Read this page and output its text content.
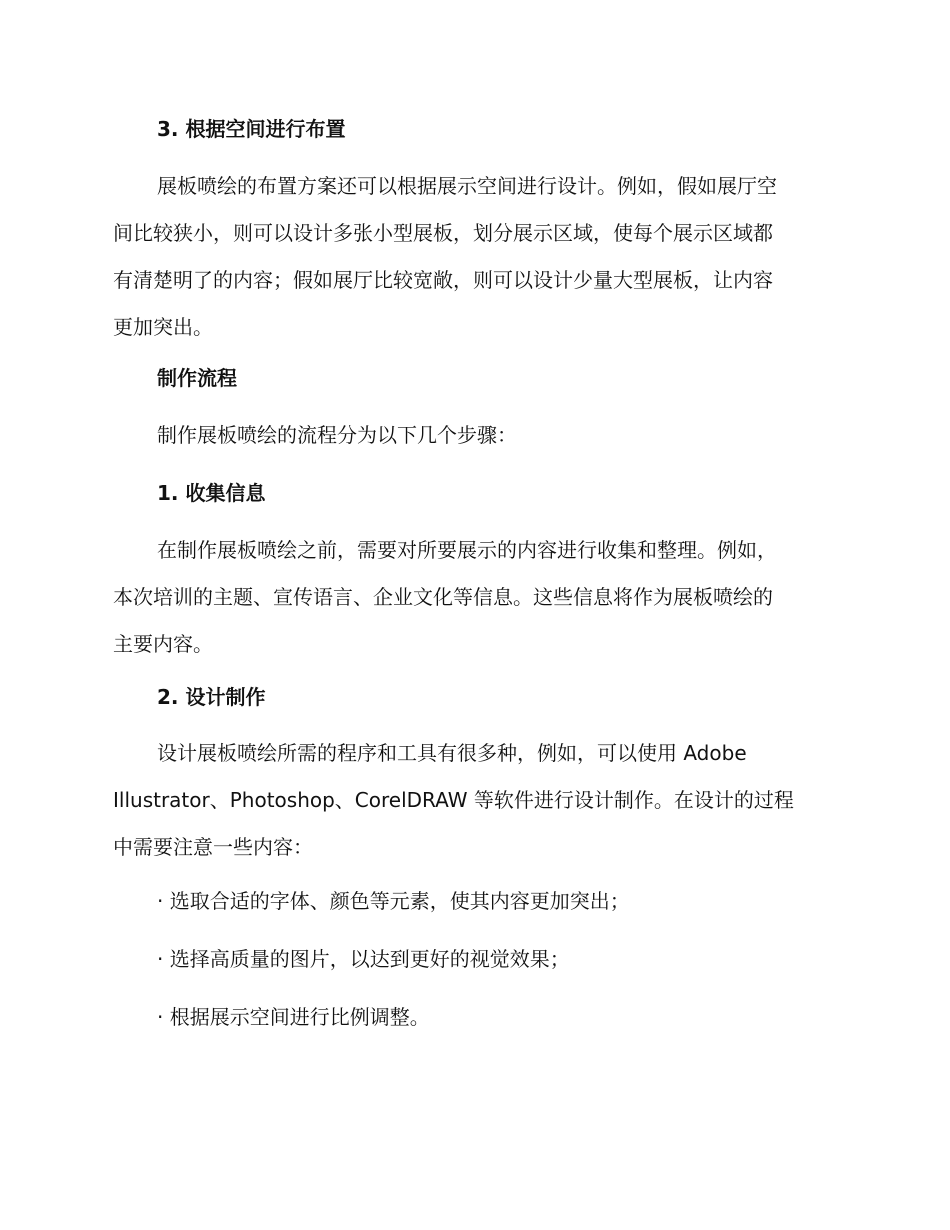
3. 根据空间进行布置
展板喷绘的布置方案还可以根据展示空间进行设计。例如，假如展厅空
间比较狭小，则可以设计多张小型展板，划分展示区域，使每个展示区域都
有清楚明了的内容；假如展厅比较宽敞，则可以设计少量大型展板，让内容
更加突出。
制作流程
制作展板喷绘的流程分为以下几个步骤：
1. 收集信息
在制作展板喷绘之前，需要对所要展示的内容进行收集和整理。例如，
本次培训的主题、宣传语言、企业文化等信息。这些信息将作为展板喷绘的
主要内容。
2. 设计制作
设计展板喷绘所需的程序和工具有很多种，例如，可以使用 Adobe
Illustrator、Photoshop、CorelDRAW 等软件进行设计制作。在设计的过程
中需要注意一些内容：
· 选取合适的字体、颜色等元素，使其内容更加突出；
· 选择高质量的图片，以达到更好的视觉效果；
· 根据展示空间进行比例调整。
